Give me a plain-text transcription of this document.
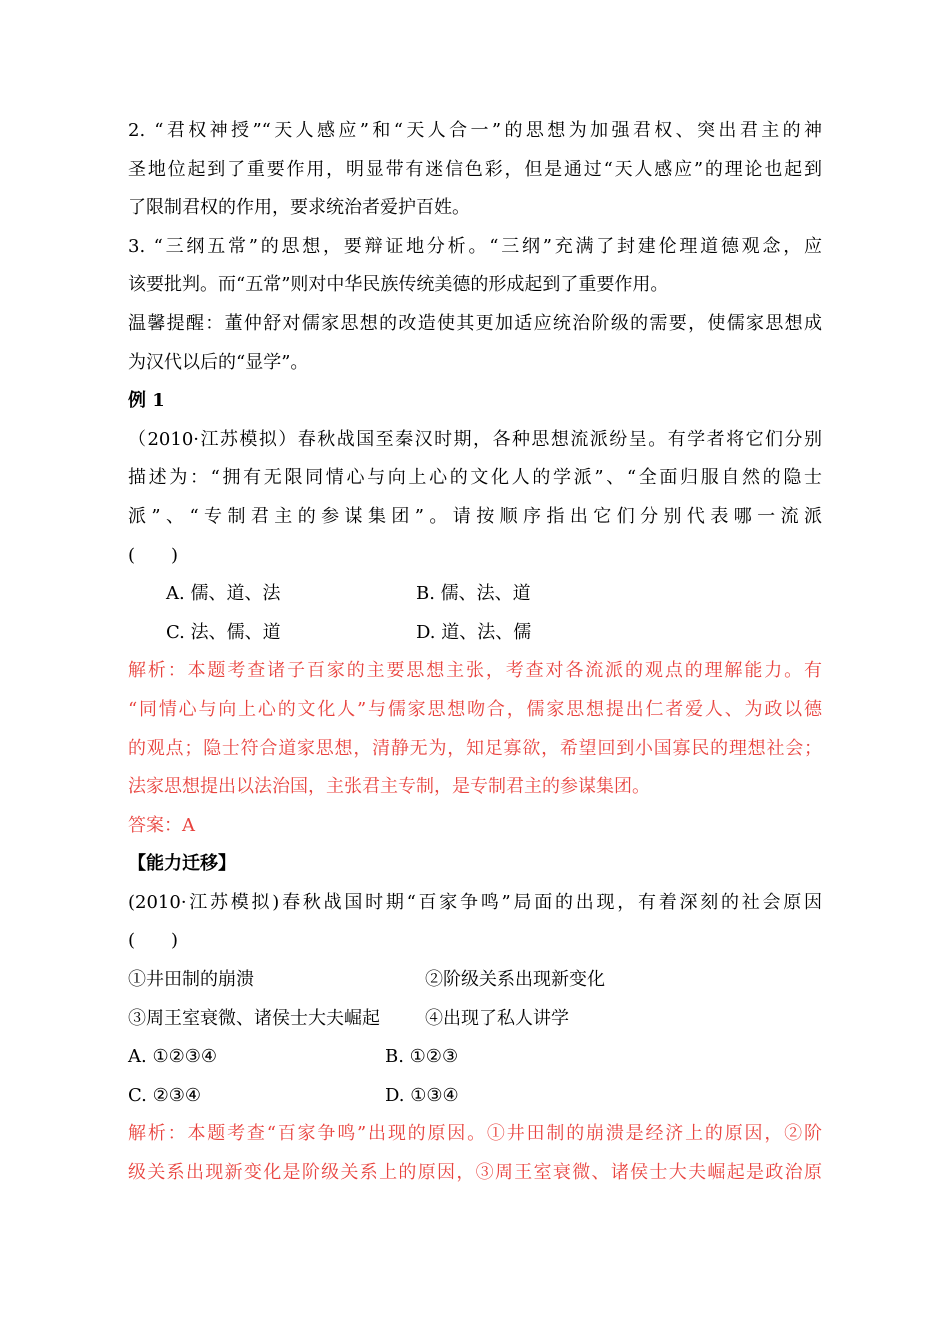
2. “君权神授”“天人感应”和“天人合一”的思想为加强君权、突出君主的神
圣地位起到了重要作用，明显带有迷信色彩，但是通过“天人感应”的理论也起到
了限制君权的作用，要求统治者爱护百姓。
3. “三纲五常”的思想，要辩证地分析。“三纲”充满了封建伦理道德观念，应
该要批判。而“五常”则对中华民族传统美德的形成起到了重要作用。
温馨提醒：董仲舒对儒家思想的改造使其更加适应统治阶级的需要，使儒家思想成
为汉代以后的“显学”。
例 1
（2010·江苏模拟）春秋战国至秦汉时期，各种思想流派纷呈。有学者将它们分别
描述为：“拥有无限同情心与向上心的文化人的学派”、“全面归服自然的隐士
派”、“专制君主的参谋集团”。请按顺序指出它们分别代表哪一流派
(　　)
A. 儒、道、法	B. 儒、法、道
C. 法、儒、道	D. 道、法、儒
解析：本题考查诸子百家的主要思想主张，考查对各流派的观点的理解能力。有
“同情心与向上心的文化人”与儒家思想吻合，儒家思想提出仁者爱人、为政以德
的观点；隐士符合道家思想，清静无为，知足寡欲，希望回到小国寡民的理想社会；
法家思想提出以法治国，主张君主专制，是专制君主的参谋集团。
答案：A
【能力迁移】
(2010·江苏模拟)春秋战国时期“百家争鸣”局面的出现，有着深刻的社会原因
(　　)
①井田制的崩溃	②阶级关系出现新变化
③周王室衰微、诸侯士大夫崛起	④出现了私人讲学
A. ①②③④	B. ①②③
C. ②③④	D. ①③④
解析：本题考查“百家争鸣”出现的原因。①井田制的崩溃是经济上的原因，②阶
级关系出现新变化是阶级关系上的原因，③周王室衰微、诸侯士大夫崛起是政治原
